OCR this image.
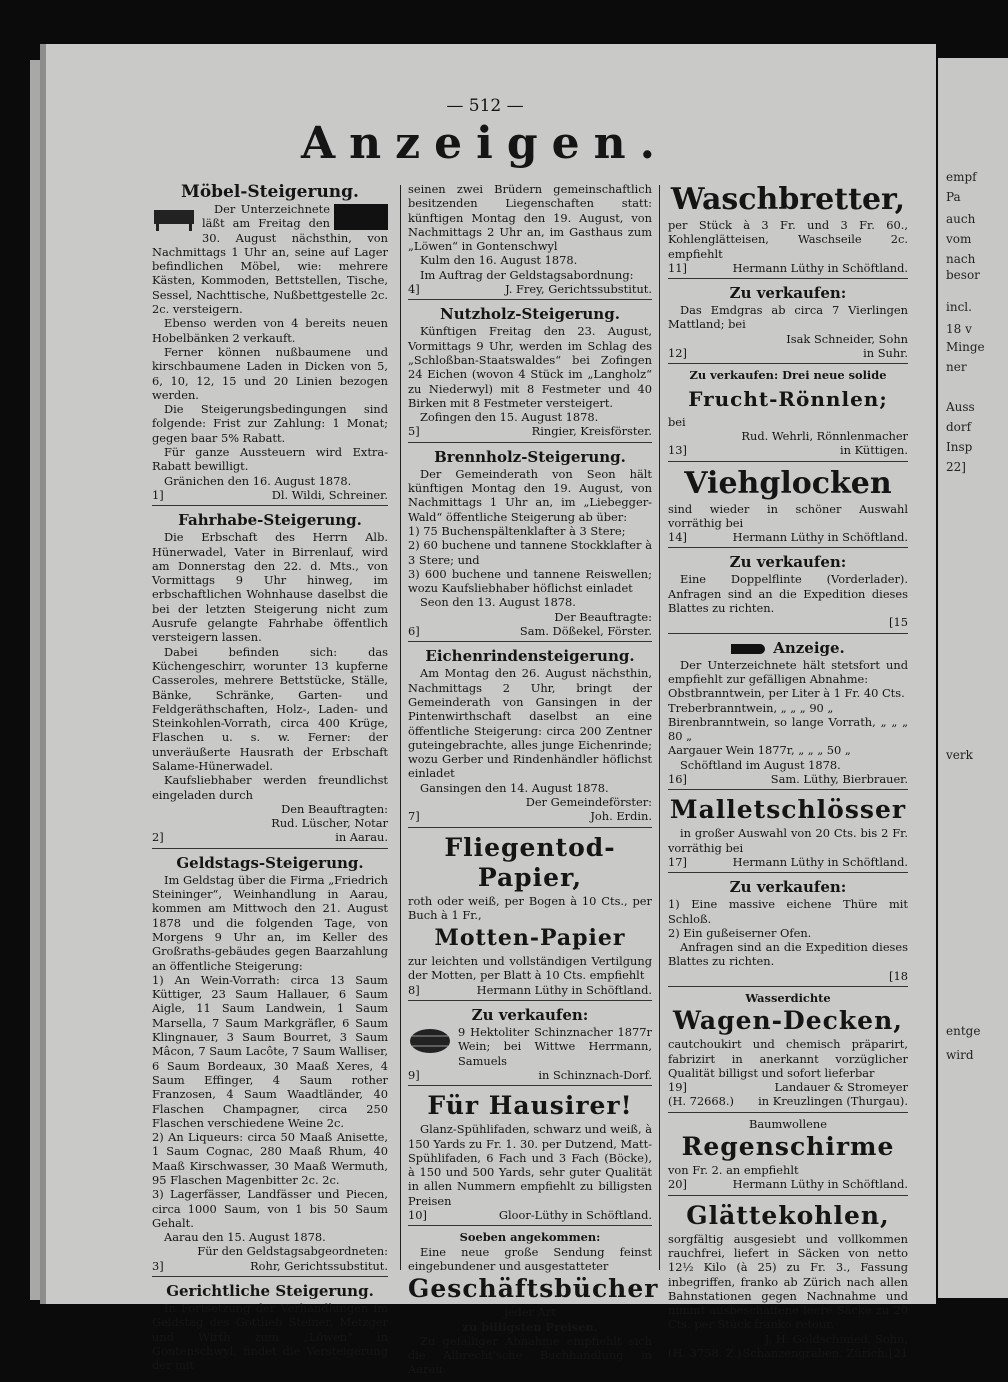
empf
Pa
auch
vom
nach
besor
incl.
18 v
Minge
ner
Auss
dorf
Insp
22]
verk
entge
wird
— 512 —
Anzeigen.
Möbel-Steigerung.

Der Unterzeichnete läßt am Freitag den 30. August nächsthin, von Nachmittags 1 Uhr an, seine auf Lager befindlichen Möbel, wie: mehrere Kästen, Kommoden, Bettstellen, Tische, Sessel, Nachttische, Nußbettgestelle 2c. 2c. versteigern.

Ebenso werden von 4 bereits neuen Hobelbänken 2 verkauft.

Ferner können nußbaumene und kirschbaumene Laden in Dicken von 5, 6, 10, 12, 15 und 20 Linien bezogen werden.

Die Steigerungsbedingungen sind folgende: Frist zur Zahlung: 1 Monat; gegen baar 5% Rabatt.

Für ganze Aussteuern wird Extra-Rabatt bewilligt.

Gränichen den 16. August 1878.

1]	Dl. Wildi, Schreiner.
Fahrhabe-Steigerung.

Die Erbschaft des Herrn Alb. Hünerwadel, Vater in Birrenlauf, wird am Donnerstag den 22. d. Mts., von Vormittags 9 Uhr hinweg, im erbschaftlichen Wohnhause daselbst die bei der letzten Steigerung nicht zum Ausrufe gelangte Fahrhabe öffentlich versteigern lassen.

Dabei befinden sich: das Küchengeschirr, worunter 13 kupferne Casseroles, mehrere Bettstücke, Ställe, Bänke, Schränke, Garten- und Feldgeräthschaften, Holz-, Laden- und Steinkohlen-Vorrath, circa 400 Krüge, Flaschen u. s. w. Ferner: der unveräußerte Hausrath der Erbschaft Salame-Hünerwadel.

Kaufsliebhaber werden freundlichst eingeladen durch

Den Beauftragten:
Rud. Lüscher, Notar
2]	in Aarau.
Geldstags-Steigerung.

Im Geldstag über die Firma „Friedrich Steininger“, Weinhandlung in Aarau, kommen am Mittwoch den 21. August 1878 und die folgenden Tage, von Morgens 9 Uhr an, im Keller des Großraths-gebäudes gegen Baarzahlung an öffentliche Steigerung:

1) An Wein-Vorrath: circa 13 Saum Küttiger, 23 Saum Hallauer, 6 Saum Aigle, 11 Saum Landwein, 1 Saum Marsella, 7 Saum Markgräfler, 6 Saum Klingnauer, 3 Saum Bourret, 3 Saum Mâcon, 7 Saum Lacôte, 7 Saum Walliser, 6 Saum Bordeaux, 30 Maaß Xeres, 4 Saum Effinger, 4 Saum rother Franzosen, 4 Saum Waadtländer, 40 Flaschen Champagner, circa 250 Flaschen verschiedene Weine 2c.

2) An Liqueurs: circa 50 Maaß Anisette, 1 Saum Cognac, 280 Maaß Rhum, 40 Maaß Kirschwasser, 30 Maaß Wermuth, 95 Flaschen Magenbitter 2c. 2c.

3) Lagerfässer, Landfässer und Piecen, circa 1000 Saum, von 1 bis 50 Saum Gehalt.

Aarau den 15. August 1878.

Für den Geldstagsabgeordneten:
3]	Rohr, Gerichtssubstitut.
Gerichtliche Steigerung.

In Fortsetzung der Verhandlungen im Geldstag des Gottlieb Steiner, Metzger und Wirth zum „Löwen“ in Gontenschwyl, findet die Versteigerung der mit

seinen zwei Brüdern gemeinschaftlich besitzenden Liegenschaften statt: künftigen Montag den 19. August, von Nachmittags 2 Uhr an, im Gasthaus zum „Löwen“ in Gontenschwyl

Kulm den 16. August 1878.

Im Auftrag der Geldstagsabordnung:

4]	J. Frey, Gerichtssubstitut.
Nutzholz-Steigerung.

Künftigen Freitag den 23. August, Vormittags 9 Uhr, werden im Schlag des „Schloßban-Staatswaldes“ bei Zofingen 24 Eichen (wovon 4 Stück im „Langholz“ zu Niederwyl) mit 8 Festmeter und 40 Birken mit 8 Festmeter versteigert.

Zofingen den 15. August 1878.

5]	Ringier, Kreisförster.
Brennholz-Steigerung.

Der Gemeinderath von Seon hält künftigen Montag den 19. August, von Nachmittags 1 Uhr an, im „Liebegger-Wald“ öffentliche Steigerung ab über:

1) 75 Buchenspältenklafter à 3 Stere;

2) 60 buchene und tannene Stockklafter à 3 Stere; und

3) 600 buchene und tannene Reiswellen; wozu Kaufsliebhaber höflichst einladet

Seon den 13. August 1878.

Der Beauftragte:
6]	Sam. Dößekel, Förster.
Eichenrindensteigerung.

Am Montag den 26. August nächsthin, Nachmittags 2 Uhr, bringt der Gemeinderath von Gansingen in der Pintenwirthschaft daselbst an eine öffentliche Steigerung: circa 200 Zentner guteingebrachte, alles junge Eichenrinde; wozu Gerber und Rindenhändler höflichst einladet

Gansingen den 14. August 1878.

Der Gemeindeförster:
7]	Joh. Erdin.
Fliegentod-Papier,

roth oder weiß, per Bogen à 10 Cts., per Buch à 1 Fr.,

Motten-Papier

zur leichten und vollständigen Vertilgung der Motten, per Blatt à 10 Cts. empfiehlt

8]	Hermann Lüthy in Schöftland.
Zu verkaufen:

9 Hektoliter Schinznacher 1877r Wein; bei Wittwe Herrmann, Samuels

9]	in Schinznach-Dorf.
Für Hausirer!

Glanz-Spühlifaden, schwarz und weiß, à 150 Yards zu Fr. 1. 30. per Dutzend, Matt-Spühlifaden, 6 Fach und 3 Fach (Böcke), à 150 und 500 Yards, sehr guter Qualität in allen Nummern empfiehlt zu billigsten Preisen

10]	Gloor-Lüthy in Schöftland.
Soeben angekommen:

Eine neue große Sendung feinst eingebundener und ausgestatteter

Geschäftsbücher
jeder Art
zu billigsten Preisen.

Zu gefälliger Abnahme empfiehlt sich die Albrecht'sche Buchhandlung in Aarau.

Waschbretter,

per Stück à 3 Fr. und 3 Fr. 60., Kohlenglätteisen, Waschseile 2c. empfiehlt

11]	Hermann Lüthy in Schöftland.
Zu verkaufen:

Das Emdgras ab circa 7 Vierlingen Mattland; bei

Isak Schneider, Sohn
12]	in Suhr.
Zu verkaufen: Drei neue solide
Frucht-Rönnlen;

bei

Rud. Wehrli, Rönnlenmacher
13]	in Küttigen.
Viehglocken

sind wieder in schöner Auswahl vorräthig bei

14]	Hermann Lüthy in Schöftland.
Zu verkaufen:

Eine Doppelflinte (Vorderlader). Anfragen sind an die Expedition dieses Blattes zu richten.

[15
Anzeige.

Der Unterzeichnete hält stetsfort und empfiehlt zur gefälligen Abnahme:

Obstbranntwein, per Liter à 1 Fr. 40 Cts.

Treberbranntwein, „ „ „ 90 „

Birenbranntwein, so lange Vorrath, „ „ „ 80 „

Aargauer Wein 1877r, „ „ „ 50 „

Schöftland im August 1878.

16]	Sam. Lüthy, Bierbrauer.
Malletschlösser

in großer Auswahl von 20 Cts. bis 2 Fr. vorräthig bei

17]	Hermann Lüthy in Schöftland.
Zu verkaufen:

1) Eine massive eichene Thüre mit Schloß.

2) Ein gußeiserner Ofen.

Anfragen sind an die Expedition dieses Blattes zu richten.

[18
Wasserdichte
Wagen-Decken,

cautchoukirt und chemisch präparirt, fabrizirt in anerkannt vorzüglicher Qualität billigst und sofort lieferbar

19]	Landauer & Stromeyer
(H. 72668.) in Kreuzlingen (Thurgau).
Baumwollene
Regenschirme

von Fr. 2. an empfiehlt

20]	Hermann Lüthy in Schöftland.
Glättekohlen,

sorgfältig ausgesiebt und vollkommen rauchfrei, liefert in Säcken von netto 12½ Kilo (à 25) zu Fr. 3., Fassung inbegriffen, franko ab Zürich nach allen Bahnstationen gegen Nachnahme und nimmt ausbeschaffene leere Säcke zu 20 Cts. per Stück franko retour.

J. H. Goldschmied, Sohn,
(H. 3758. Z.) Schanzengraben, Zürich. [21
